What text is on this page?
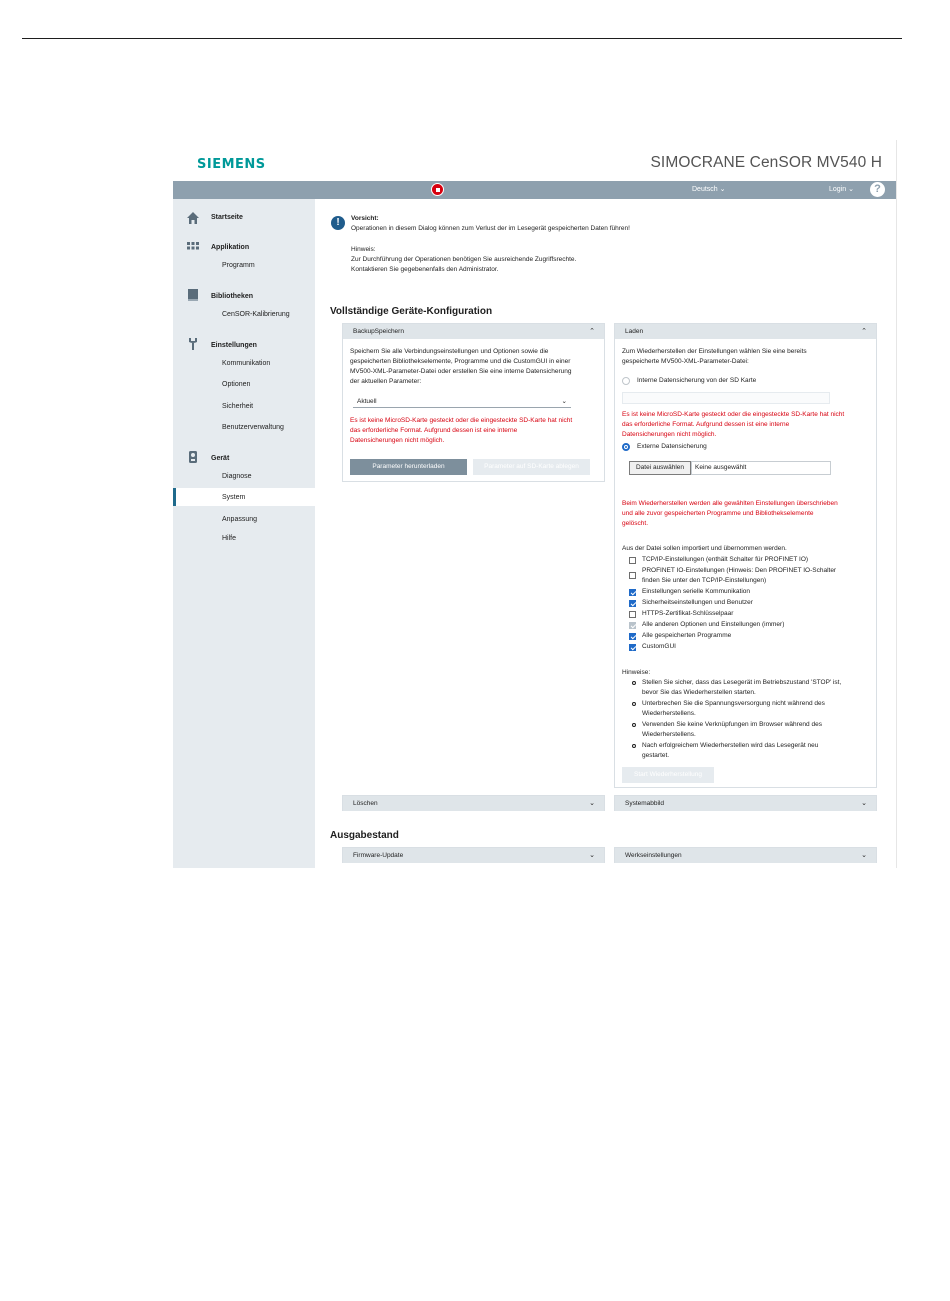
SIEMENS	SIMOCRANE CenSOR MV540 H
Deutsch ⌄	Login ⌄	?
Startseite
Applikation
Programm
Bibliotheken
CenSOR-Kalibrierung
Einstellungen
Kommunikation
Optionen
Sicherheit
Benutzerverwaltung
Gerät
Diagnose
System
Anpassung
Hilfe
!	Vorsicht:
Operationen in diesem Dialog können zum Verlust der im Lesegerät gespeicherten Daten führen!
Hinweis:
Zur Durchführung der Operationen benötigen Sie ausreichende Zugriffsrechte.
Kontaktieren Sie gegebenenfalls den Administrator.
Vollständige Geräte-Konfiguration
BackupSpeichern	⌃
Speichern Sie alle Verbindungseinstellungen und Optionen sowie die
gespeicherten Bibliothekselemente, Programme und die CustomGUI in einer
MV500-XML-Parameter-Datei oder erstellen Sie eine interne Datensicherung
der aktuellen Parameter:
Aktuell	⌄
Es ist keine MicroSD-Karte gesteckt oder die eingesteckte SD-Karte hat nicht
das erforderliche Format. Aufgrund dessen ist eine interne
Datensicherungen nicht möglich.
Parameter herunterladen	Parameter auf SD-Karte ablegen
Laden	⌃
Zum Wiederherstellen der Einstellungen wählen Sie eine bereits
gespeicherte MV500-XML-Parameter-Datei:
Interne Datensicherung von der SD Karte
Es ist keine MicroSD-Karte gesteckt oder die eingesteckte SD-Karte hat nicht
das erforderliche Format. Aufgrund dessen ist eine interne
Datensicherungen nicht möglich.
Externe Datensicherung
Datei auswählen	Keine ausgewählt
Beim Wiederherstellen werden alle gewählten Einstellungen überschrieben
und alle zuvor gespeicherten Programme und Bibliothekselemente
gelöscht.
Aus der Datei sollen importiert und übernommen werden.
TCP/IP-Einstellungen (enthält Schalter für PROFINET IO)
PROFINET IO-Einstellungen (Hinweis: Den PROFINET IO-Schalter
finden Sie unter den TCP/IP-Einstellungen)
Einstellungen serielle Kommunikation
Sicherheitseinstellungen und Benutzer
HTTPS-Zertifikat-Schlüsselpaar
Alle anderen Optionen und Einstellungen (immer)
Alle gespeicherten Programme
CustomGUI
Hinweise:
Stellen Sie sicher, dass das Lesegerät im Betriebszustand 'STOP' ist,
bevor Sie das Wiederherstellen starten.
Unterbrechen Sie die Spannungsversorgung nicht während des
Wiederherstellens.
Verwenden Sie keine Verknüpfungen im Browser während des
Wiederherstellens.
Nach erfolgreichem Wiederherstellen wird das Lesegerät neu
gestartet.
Start Wiederherstellung
Löschen	⌄	Systemabbild	⌄
Ausgabestand
Firmware-Update	⌄	Werkseinstellungen	⌄
